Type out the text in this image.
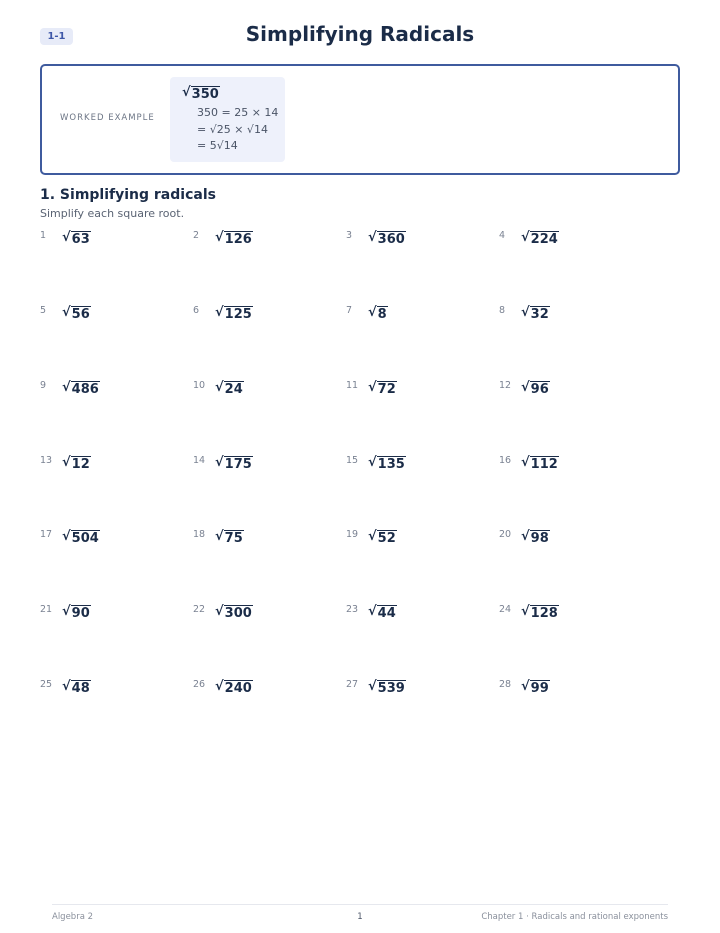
1-1	Simplifying Radicals
WORKED EXAMPLE
√ 350
350 = 25 × 14
= √25 × √14
= 5√14
1. Simplifying radicals
Simplify each square root.
1 √ 63	2 √ 126	3 √ 360	4 √ 224
5 √ 56	6 √ 125	7 √ 8	8 √ 32
9 √ 486	10 √ 24	11 √ 72	12 √ 96
13 √ 12	14 √ 175	15 √ 135	16 √ 112
17 √ 504	18 √ 75	19 √ 52	20 √ 98
21 √ 90	22 √ 300	23 √ 44	24 √ 128
25 √ 48	26 √ 240	27 √ 539	28 √ 99
Algebra 2	1	Chapter 1 · Radicals and rational exponents
